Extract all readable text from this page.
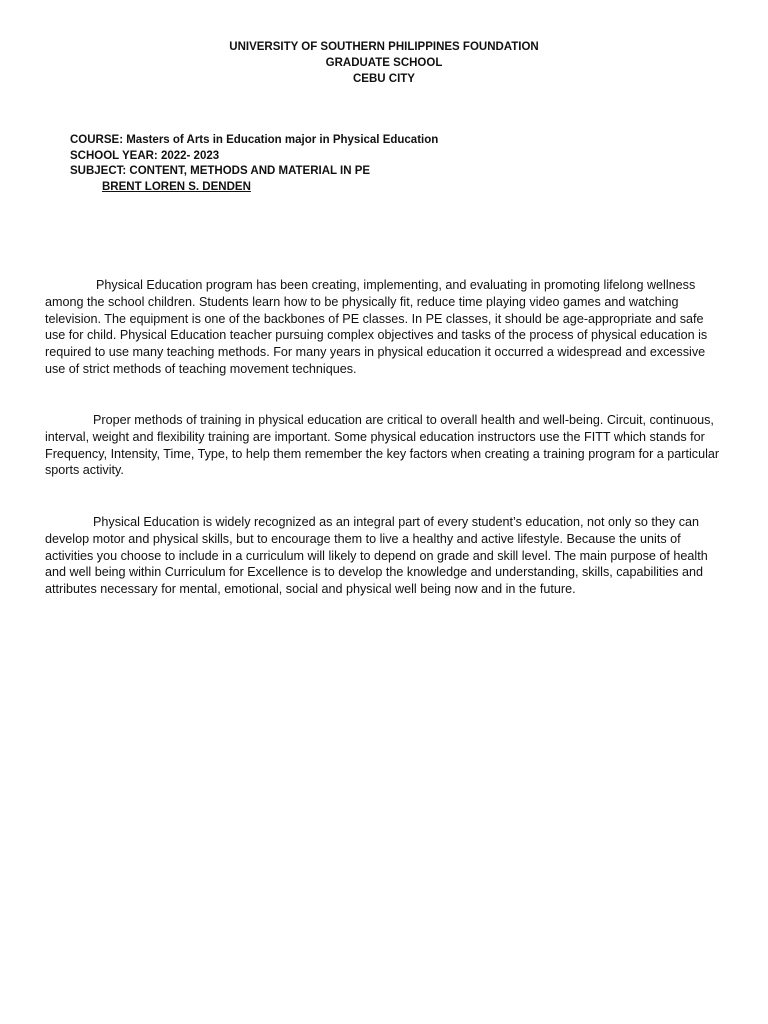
UNIVERSITY OF SOUTHERN PHILIPPINES FOUNDATION
GRADUATE SCHOOL
CEBU CITY
COURSE: Masters of Arts in Education major in Physical Education
SCHOOL YEAR: 2022- 2023
SUBJECT: CONTENT, METHODS AND MATERIAL IN PE
BRENT LOREN S. DENDEN

Physical Education program has been creating, implementing, and evaluating in promoting lifelong wellness among the school children. Students learn how to be physically fit, reduce time playing video games and watching television. The equipment is one of the backbones of PE classes. In PE classes, it should be age-appropriate and safe use for child. Physical Education teacher pursuing complex objectives and tasks of the process of physical education is required to use many teaching methods. For many years in physical education it occurred a widespread and excessive use of strict methods of teaching movement techniques.

Proper methods of training in physical education are critical to overall health and well-being. Circuit, continuous, interval, weight and flexibility training are important. Some physical education instructors use the FITT which stands for Frequency, Intensity, Time, Type, to help them remember the key factors when creating a training program for a particular sports activity.

Physical Education is widely recognized as an integral part of every student’s education, not only so they can develop motor and physical skills, but to encourage them to live a healthy and active lifestyle. Because the units of activities you choose to include in a curriculum will likely to depend on grade and skill level. The main purpose of health and well being within Curriculum for Excellence is to develop the knowledge and understanding, skills, capabilities and attributes necessary for mental, emotional, social and physical well being now and in the future.
